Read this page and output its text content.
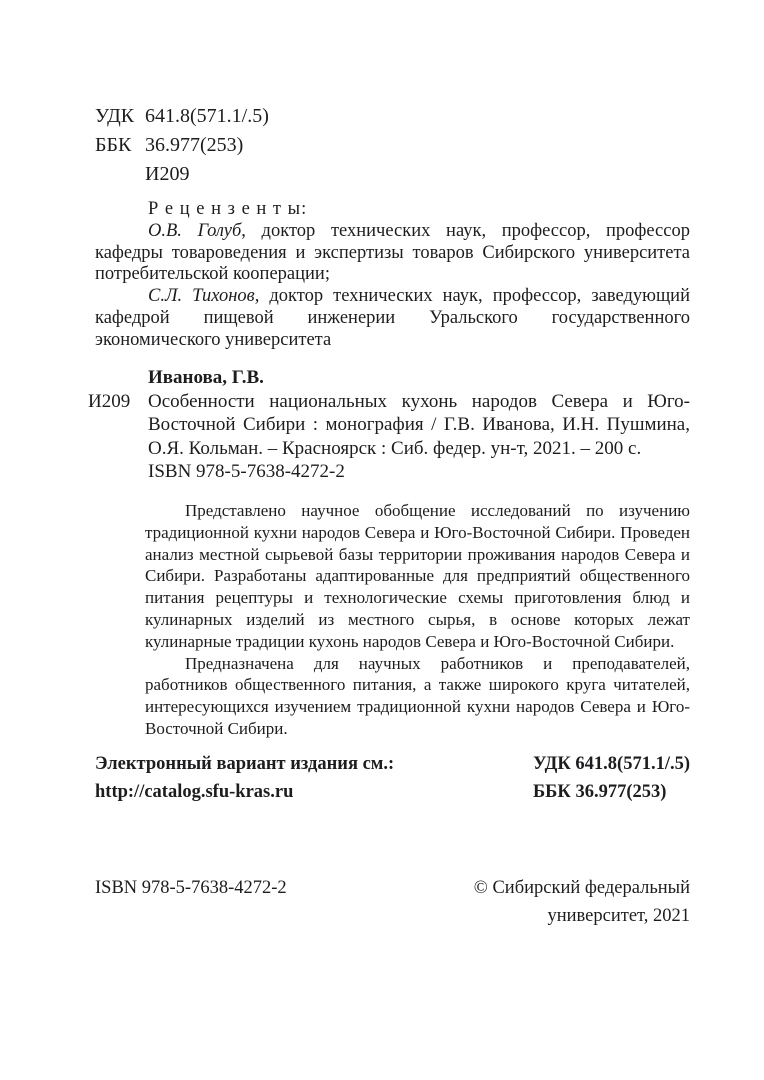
УДК 641.8(571.1/.5)
ББК 36.977(253)
И209
Р е ц е н з е н т ы:

О.В. Голуб, доктор технических наук, профессор, профессор кафедры товароведения и экспертизы товаров Сибирского университета потребительской кооперации;

С.Л. Тихонов, доктор технических наук, профессор, заведующий кафедрой пищевой инженерии Уральского государственного экономического университета

Иванова, Г.В.
И209 Особенности национальных кухонь народов Севера и Юго-Восточной Сибири : монография / Г.В. Иванова, И.Н. Пушмина, О.Я. Кольман. – Красноярск : Сиб. федер. ун-т, 2021. – 200 с.
ISBN 978-5-7638-4272-2

Представлено научное обобщение исследований по изучению традиционной кухни народов Севера и Юго-Восточной Сибири. Проведен анализ местной сырьевой базы территории проживания народов Севера и Сибири. Разработаны адаптированные для предприятий общественного питания рецептуры и технологические схемы приготовления блюд и кулинарных изделий из местного сырья, в основе которых лежат кулинарные традиции кухонь народов Севера и Юго-Восточной Сибири.

Предназначена для научных работников и преподавателей, работников общественного питания, а также широкого круга читателей, интересующихся изучением традиционной кухни народов Севера и Юго-Восточной Сибири.

Электронный вариант издания см.:
http://catalog.sfu-kras.ru
УДК 641.8(571.1/.5)
ББК 36.977(253)
ISBN 978-5-7638-4272-2	© Сибирский федеральный
университет, 2021
